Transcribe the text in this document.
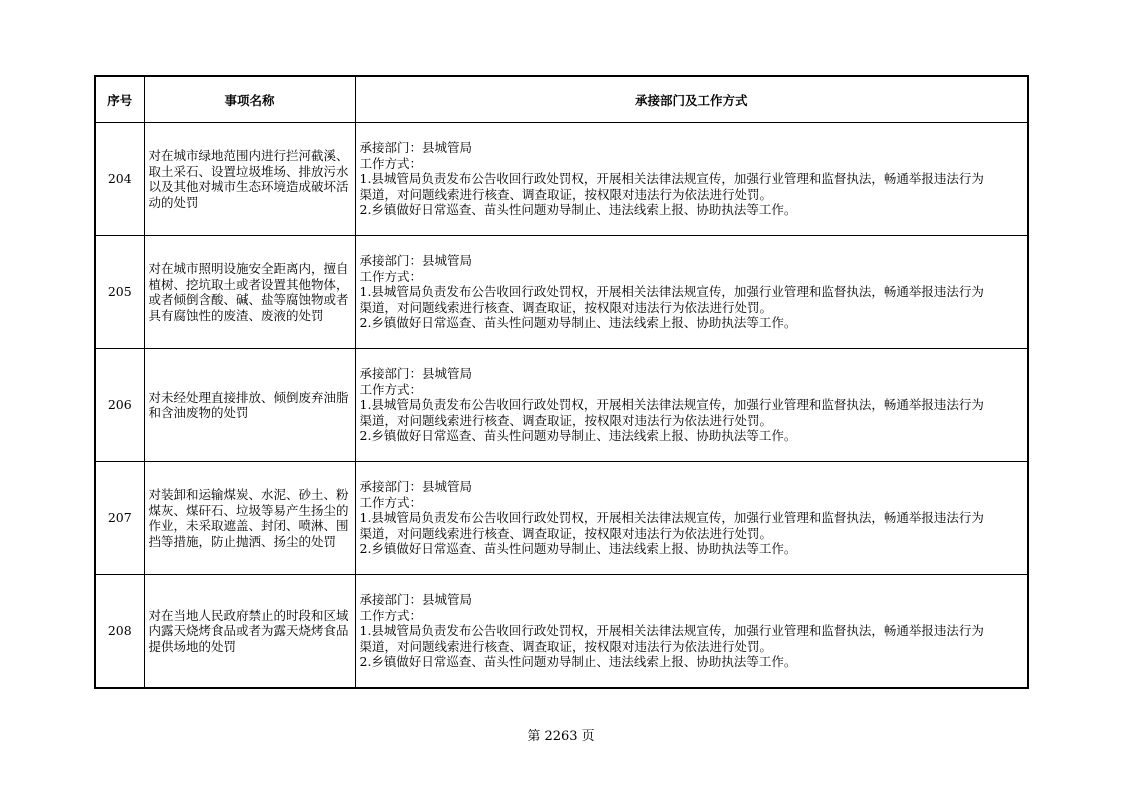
序号	事项名称	承接部门及工作方式
204	对在城市绿地范围内进行拦河截溪、取土采石、设置垃圾堆场、排放污水以及其他对城市生态环境造成破坏活动的处罚	承接部门：县城管局
工作方式：
1.县城管局负责发布公告收回行政处罚权，开展相关法律法规宣传，加强行业管理和监督执法，畅通举报违法行为
渠道，对问题线索进行核查、调查取证，按权限对违法行为依法进行处罚。
2.乡镇做好日常巡查、苗头性问题劝导制止、违法线索上报、协助执法等工作。

205	对在城市照明设施安全距离内，擅自植树、挖坑取土或者设置其他物体，或者倾倒含酸、碱、盐等腐蚀物或者具有腐蚀性的废渣、废液的处罚	承接部门：县城管局
工作方式：
1.县城管局负责发布公告收回行政处罚权，开展相关法律法规宣传，加强行业管理和监督执法，畅通举报违法行为
渠道，对问题线索进行核查、调查取证，按权限对违法行为依法进行处罚。
2.乡镇做好日常巡查、苗头性问题劝导制止、违法线索上报、协助执法等工作。

206	对未经处理直接排放、倾倒废弃油脂和含油废物的处罚	承接部门：县城管局
工作方式：
1.县城管局负责发布公告收回行政处罚权，开展相关法律法规宣传，加强行业管理和监督执法，畅通举报违法行为
渠道，对问题线索进行核查、调查取证，按权限对违法行为依法进行处罚。
2.乡镇做好日常巡查、苗头性问题劝导制止、违法线索上报、协助执法等工作。

207	对装卸和运输煤炭、水泥、砂土、粉煤灰、煤矸石、垃圾等易产生扬尘的作业，未采取遮盖、封闭、喷淋、围挡等措施，防止抛洒、扬尘的处罚	承接部门：县城管局
工作方式：
1.县城管局负责发布公告收回行政处罚权，开展相关法律法规宣传，加强行业管理和监督执法，畅通举报违法行为
渠道，对问题线索进行核查、调查取证，按权限对违法行为依法进行处罚。
2.乡镇做好日常巡查、苗头性问题劝导制止、违法线索上报、协助执法等工作。

208	对在当地人民政府禁止的时段和区域内露天烧烤食品或者为露天烧烤食品提供场地的处罚	承接部门：县城管局
工作方式：
1.县城管局负责发布公告收回行政处罚权，开展相关法律法规宣传，加强行业管理和监督执法，畅通举报违法行为
渠道，对问题线索进行核查、调查取证，按权限对违法行为依法进行处罚。
2.乡镇做好日常巡查、苗头性问题劝导制止、违法线索上报、协助执法等工作。
第 2263 页
